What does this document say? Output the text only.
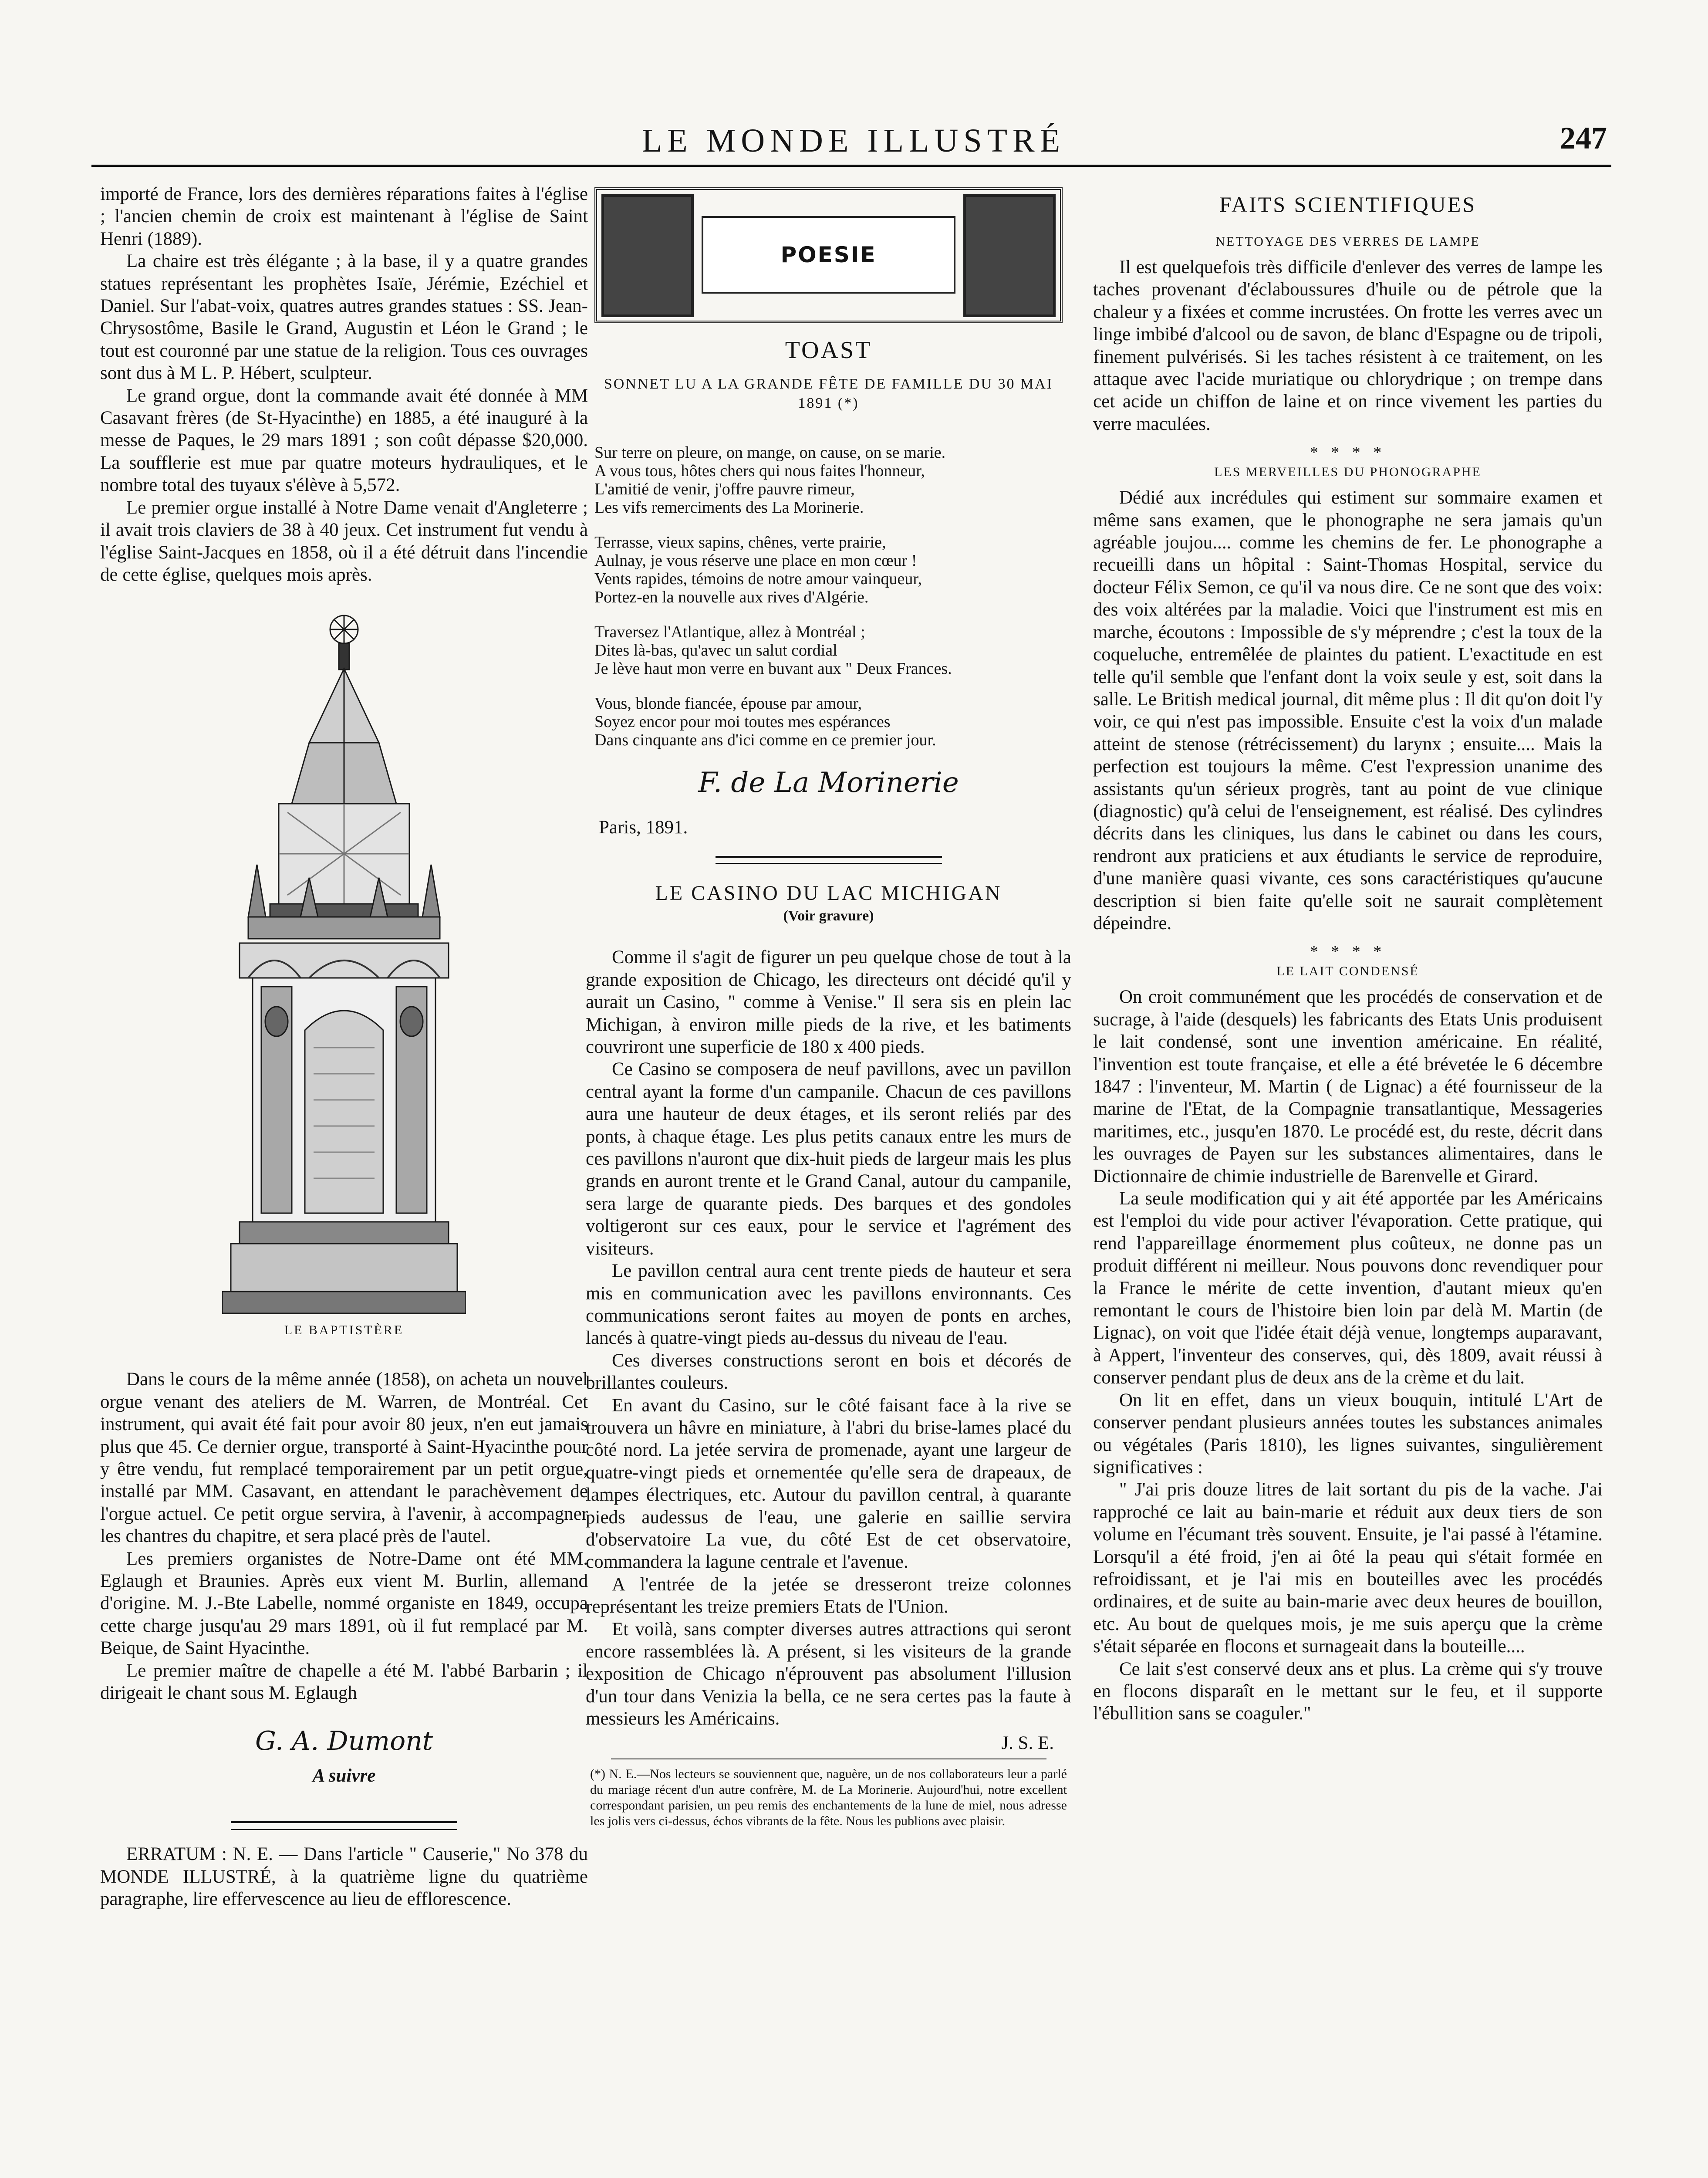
LE MONDE ILLUSTRÉ	247

importé de France, lors des dernières réparations faites à l'église ; l'ancien chemin de croix est maintenant à l'église de Saint Henri (1889).

La chaire est très élégante ; à la base, il y a quatre grandes statues représentant les prophètes Isaïe, Jérémie, Ezéchiel et Daniel. Sur l'abat-voix, quatres autres grandes statues : SS. Jean-Chrysostôme, Basile le Grand, Augustin et Léon le Grand ; le tout est couronné par une statue de la religion. Tous ces ouvrages sont dus à M L. P. Hébert, sculpteur.

Le grand orgue, dont la commande avait été donnée à MM Casavant frères (de St-Hyacinthe) en 1885, a été inauguré à la messe de Paques, le 29 mars 1891 ; son coût dépasse $20,000. La soufflerie est mue par quatre moteurs hydrauliques, et le nombre total des tuyaux s'élève à 5,572.

Le premier orgue installé à Notre Dame venait d'Angleterre ; il avait trois claviers de 38 à 40 jeux. Cet instrument fut vendu à l'église Saint-Jacques en 1858, où il a été détruit dans l'incendie de cette église, quelques mois après.

LE BAPTISTÈRE

Dans le cours de la même année (1858), on acheta un nouvel orgue venant des ateliers de M. Warren, de Montréal. Cet instrument, qui avait été fait pour avoir 80 jeux, n'en eut jamais plus que 45. Ce dernier orgue, transporté à Saint-Hyacinthe pour y être vendu, fut remplacé temporairement par un petit orgue, installé par MM. Casavant, en attendant le parachèvement de l'orgue actuel. Ce petit orgue servira, à l'avenir, à accompagner les chantres du chapitre, et sera placé près de l'autel.

Les premiers organistes de Notre-Dame ont été MM. Eglaugh et Braunies. Après eux vient M. Burlin, allemand d'origine. M. J.-Bte Labelle, nommé organiste en 1849, occupa cette charge jusqu'au 29 mars 1891, où il fut remplacé par M. Beique, de Saint Hyacinthe.

Le premier maître de chapelle a été M. l'abbé Barbarin ; il dirigeait le chant sous M. Eglaugh

G. A. Dumont

A suivre

ERRATUM : N. E. — Dans l'article " Causerie," No 378 du MONDE ILLUSTRÉ, à la quatrième ligne du quatrième paragraphe, lire effervescence au lieu de efflorescence.

POESIE

TOAST

SONNET LU A LA GRANDE FÊTE DE FAMILLE DU 30 MAI 1891 (*)

Sur terre on pleure, on mange, on cause, on se marie.
A vous tous, hôtes chers qui nous faites l'honneur,
L'amitié de venir, j'offre pauvre rimeur,
Les vifs remerciments des La Morinerie.
Terrasse, vieux sapins, chênes, verte prairie,
Aulnay, je vous réserve une place en mon cœur !
Vents rapides, témoins de notre amour vainqueur,
Portez-en la nouvelle aux rives d'Algérie.
Traversez l'Atlantique, allez à Montréal ;
Dites là-bas, qu'avec un salut cordial
Je lève haut mon verre en buvant aux " Deux Frances.
Vous, blonde fiancée, épouse par amour,
Soyez encor pour moi toutes mes espérances
Dans cinquante ans d'ici comme en ce premier jour.
F. de La Morinerie

Paris, 1891.

LE CASINO DU LAC MICHIGAN

(Voir gravure)

Comme il s'agit de figurer un peu quelque chose de tout à la grande exposition de Chicago, les directeurs ont décidé qu'il y aurait un Casino, " comme à Venise." Il sera sis en plein lac Michigan, à environ mille pieds de la rive, et les batiments couvriront une superficie de 180 x 400 pieds.

Ce Casino se composera de neuf pavillons, avec un pavillon central ayant la forme d'un campanile. Chacun de ces pavillons aura une hauteur de deux étages, et ils seront reliés par des ponts, à chaque étage. Les plus petits canaux entre les murs de ces pavillons n'auront que dix-huit pieds de largeur mais les plus grands en auront trente et le Grand Canal, autour du campanile, sera large de quarante pieds. Des barques et des gondoles voltigeront sur ces eaux, pour le service et l'agrément des visiteurs.

Le pavillon central aura cent trente pieds de hauteur et sera mis en communication avec les pavillons environnants. Ces communications seront faites au moyen de ponts en arches, lancés à quatre-vingt pieds au-dessus du niveau de l'eau.

Ces diverses constructions seront en bois et décorés de brillantes couleurs.

En avant du Casino, sur le côté faisant face à la rive se trouvera un hâvre en miniature, à l'abri du brise-lames placé du côté nord. La jetée servira de promenade, ayant une largeur de quatre-vingt pieds et ornementée qu'elle sera de drapeaux, de lampes électriques, etc. Autour du pavillon central, à quarante pieds audessus de l'eau, une galerie en saillie servira d'observatoire La vue, du côté Est de cet observatoire, commandera la lagune centrale et l'avenue.

A l'entrée de la jetée se dresseront treize colonnes représentant les treize premiers Etats de l'Union.

Et voilà, sans compter diverses autres attractions qui seront encore rassemblées là. A présent, si les visiteurs de la grande exposition de Chicago n'éprouvent pas absolument l'illusion d'un tour dans Venizia la bella, ce ne sera certes pas la faute à messieurs les Américains.

J. S. E.

(*) N. E.—Nos lecteurs se souviennent que, naguère, un de nos collaborateurs leur a parlé du mariage récent d'un autre confrère, M. de La Morinerie. Aujourd'hui, notre excellent correspondant parisien, un peu remis des enchantements de la lune de miel, nous adresse les jolis vers ci-dessus, échos vibrants de la fête. Nous les publions avec plaisir.

FAITS SCIENTIFIQUES

NETTOYAGE DES VERRES DE LAMPE

Il est quelquefois très difficile d'enlever des verres de lampe les taches provenant d'éclaboussures d'huile ou de pétrole que la chaleur y a fixées et comme incrustées. On frotte les verres avec un linge imbibé d'alcool ou de savon, de blanc d'Espagne ou de tripoli, finement pulvérisés. Si les taches résistent à ce traitement, on les attaque avec l'acide muriatique ou chlorydrique ; on trempe dans cet acide un chiffon de laine et on rince vivement les parties du verre maculées.

* * * *

LES MERVEILLES DU PHONOGRAPHE

Dédié aux incrédules qui estiment sur sommaire examen et même sans examen, que le phonographe ne sera jamais qu'un agréable joujou.... comme les chemins de fer. Le phonographe a recueilli dans un hôpital : Saint-Thomas Hospital, service du docteur Félix Semon, ce qu'il va nous dire. Ce ne sont que des voix: des voix altérées par la maladie. Voici que l'instrument est mis en marche, écoutons : Impossible de s'y méprendre ; c'est la toux de la coqueluche, entremêlée de plaintes du patient. L'exactitude en est telle qu'il semble que l'enfant dont la voix seule y est, soit dans la salle. Le British medical journal, dit même plus : Il dit qu'on doit l'y voir, ce qui n'est pas impossible. Ensuite c'est la voix d'un malade atteint de stenose (rétrécissement) du larynx ; ensuite.... Mais la perfection est toujours la même. C'est l'expression unanime des assistants qu'un sérieux progrès, tant au point de vue clinique (diagnostic) qu'à celui de l'enseignement, est réalisé. Des cylindres décrits dans les cliniques, lus dans le cabinet ou dans les cours, rendront aux praticiens et aux étudiants le service de reproduire, d'une manière quasi vivante, ces sons caractéristiques qu'aucune description si bien faite qu'elle soit ne saurait complètement dépeindre.

* * * *

LE LAIT CONDENSÉ

On croit communément que les procédés de conservation et de sucrage, à l'aide (desquels) les fabricants des Etats Unis produisent le lait condensé, sont une invention américaine. En réalité, l'invention est toute française, et elle a été brévetée le 6 décembre 1847 : l'inventeur, M. Martin ( de Lignac) a été fournisseur de la marine de l'Etat, de la Compagnie transatlantique, Messageries maritimes, etc., jusqu'en 1870. Le procédé est, du reste, décrit dans les ouvrages de Payen sur les substances alimentaires, dans le Dictionnaire de chimie industrielle de Barenvelle et Girard.

La seule modification qui y ait été apportée par les Américains est l'emploi du vide pour activer l'évaporation. Cette pratique, qui rend l'appareillage énormement plus coûteux, ne donne pas un produit différent ni meilleur. Nous pouvons donc revendiquer pour la France le mérite de cette invention, d'autant mieux qu'en remontant le cours de l'histoire bien loin par delà M. Martin (de Lignac), on voit que l'idée était déjà venue, longtemps auparavant, à Appert, l'inventeur des conserves, qui, dès 1809, avait réussi à conserver pendant plus de deux ans de la crème et du lait.

On lit en effet, dans un vieux bouquin, intitulé L'Art de conserver pendant plusieurs années toutes les substances animales ou végétales (Paris 1810), les lignes suivantes, singulièrement significatives :

" J'ai pris douze litres de lait sortant du pis de la vache. J'ai rapproché ce lait au bain-marie et réduit aux deux tiers de son volume en l'écumant très souvent. Ensuite, je l'ai passé à l'étamine. Lorsqu'il a été froid, j'en ai ôté la peau qui s'était formée en refroidissant, et je l'ai mis en bouteilles avec les procédés ordinaires, et de suite au bain-marie avec deux heures de bouillon, etc. Au bout de quelques mois, je me suis aperçu que la crème s'était séparée en flocons et surnageait dans la bouteille....

Ce lait s'est conservé deux ans et plus. La crème qui s'y trouve en flocons disparaît en le mettant sur le feu, et il supporte l'ébullition sans se coaguler."
